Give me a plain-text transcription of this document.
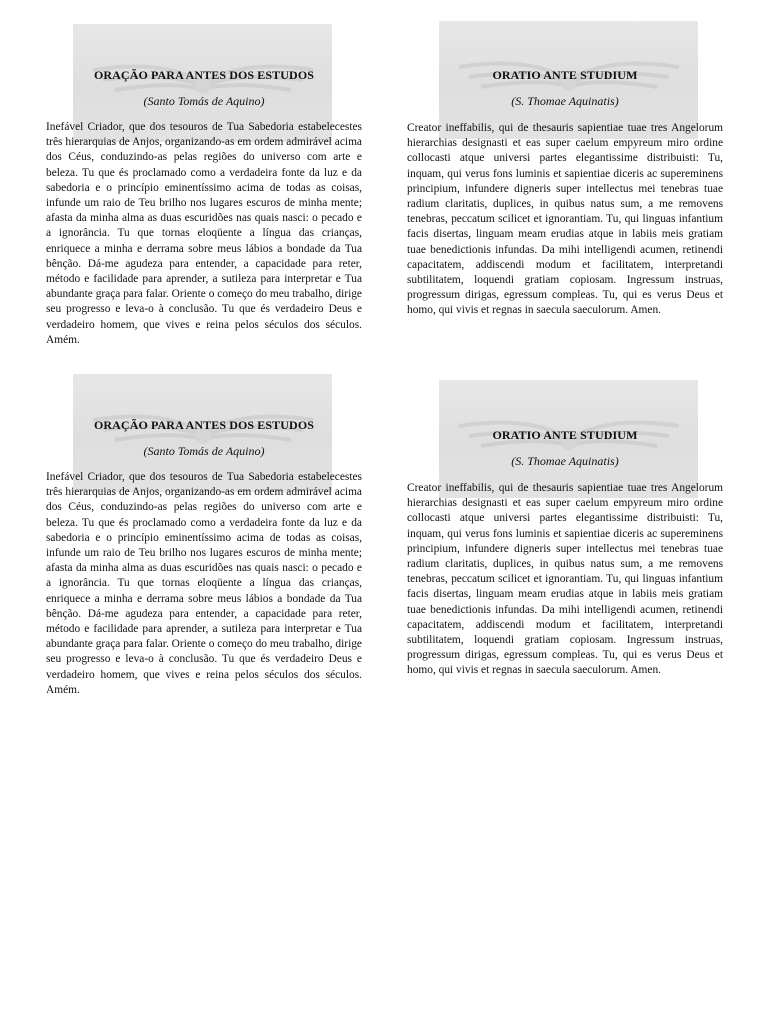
ORAÇÃO PARA ANTES DOS ESTUDOS
(Santo Tomás de Aquino)
Inefável Criador, que dos tesouros de Tua Sabedoria estabelecestes três hierarquias de Anjos, organizando-as em ordem admirável acima dos Céus, conduzindo-as pelas regiões do universo com arte e beleza. Tu que és proclamado como a verdadeira fonte da luz e da sabedoria e o princípio eminentíssimo acima de todas as coisas, infunde um raio de Teu brilho nos lugares escuros de minha mente; afasta da minha alma as duas escuridões nas quais nasci: o pecado e a ignorância. Tu que tornas eloqüente a língua das crianças, enriquece a minha e derrama sobre meus lábios a bondade da Tua bênção. Dá-me agudeza para entender, a capacidade para reter, método e facilidade para aprender, a sutileza para interpretar e Tua abundante graça para falar. Oriente o começo do meu trabalho, dirige seu progresso e leva-o à conclusão. Tu que és verdadeiro Deus e verdadeiro homem, que vives e reina pelos séculos dos séculos. Amém.
ORATIO ANTE STUDIUM
(S. Thomae Aquinatis)
Creator ineffabilis, qui de thesauris sapientiae tuae tres Angelorum hierarchias designasti et eas super caelum empyreum miro ordine collocasti atque universi partes elegantissime distribuisti: Tu, inquam, qui verus fons luminis et sapientiae diceris ac supereminens principium, infundere digneris super intellectus mei tenebras tuae radium claritatis, duplices, in quibus natus sum, a me removens tenebras, peccatum scilicet et ignorantiam. Tu, qui linguas infantium facis disertas, linguam meam erudias atque in labiis meis gratiam tuae benedictionis infundas. Da mihi intelligendi acumen, retinendi capacitatem, addiscendi modum et facilitatem, interpretandi subtilitatem, loquendi gratiam copiosam. Ingressum instruas, progressum dirigas, egressum compleas. Tu, qui es verus Deus et homo, qui vivis et regnas in saecula saeculorum. Amen.
ORAÇÃO PARA ANTES DOS ESTUDOS
(Santo Tomás de Aquino)
Inefável Criador, que dos tesouros de Tua Sabedoria estabelecestes três hierarquias de Anjos, organizando-as em ordem admirável acima dos Céus, conduzindo-as pelas regiões do universo com arte e beleza. Tu que és proclamado como a verdadeira fonte da luz e da sabedoria e o princípio eminentíssimo acima de todas as coisas, infunde um raio de Teu brilho nos lugares escuros de minha mente; afasta da minha alma as duas escuridões nas quais nasci: o pecado e a ignorância. Tu que tornas eloqüente a língua das crianças, enriquece a minha e derrama sobre meus lábios a bondade da Tua bênção. Dá-me agudeza para entender, a capacidade para reter, método e facilidade para aprender, a sutileza para interpretar e Tua abundante graça para falar. Oriente o começo do meu trabalho, dirige seu progresso e leva-o à conclusão. Tu que és verdadeiro Deus e verdadeiro homem, que vives e reina pelos séculos dos séculos. Amém.
ORATIO ANTE STUDIUM
(S. Thomae Aquinatis)
Creator ineffabilis, qui de thesauris sapientiae tuae tres Angelorum hierarchias designasti et eas super caelum empyreum miro ordine collocasti atque universi partes elegantissime distribuisti: Tu, inquam, qui verus fons luminis et sapientiae diceris ac supereminens principium, infundere digneris super intellectus mei tenebras tuae radium claritatis, duplices, in quibus natus sum, a me removens tenebras, peccatum scilicet et ignorantiam. Tu, qui linguas infantium facis disertas, linguam meam erudias atque in labiis meis gratiam tuae benedictionis infundas. Da mihi intelligendi acumen, retinendi capacitatem, addiscendi modum et facilitatem, interpretandi subtilitatem, loquendi gratiam copiosam. Ingressum instruas, progressum dirigas, egressum compleas. Tu, qui es verus Deus et homo, qui vivis et regnas in saecula saeculorum. Amen.
